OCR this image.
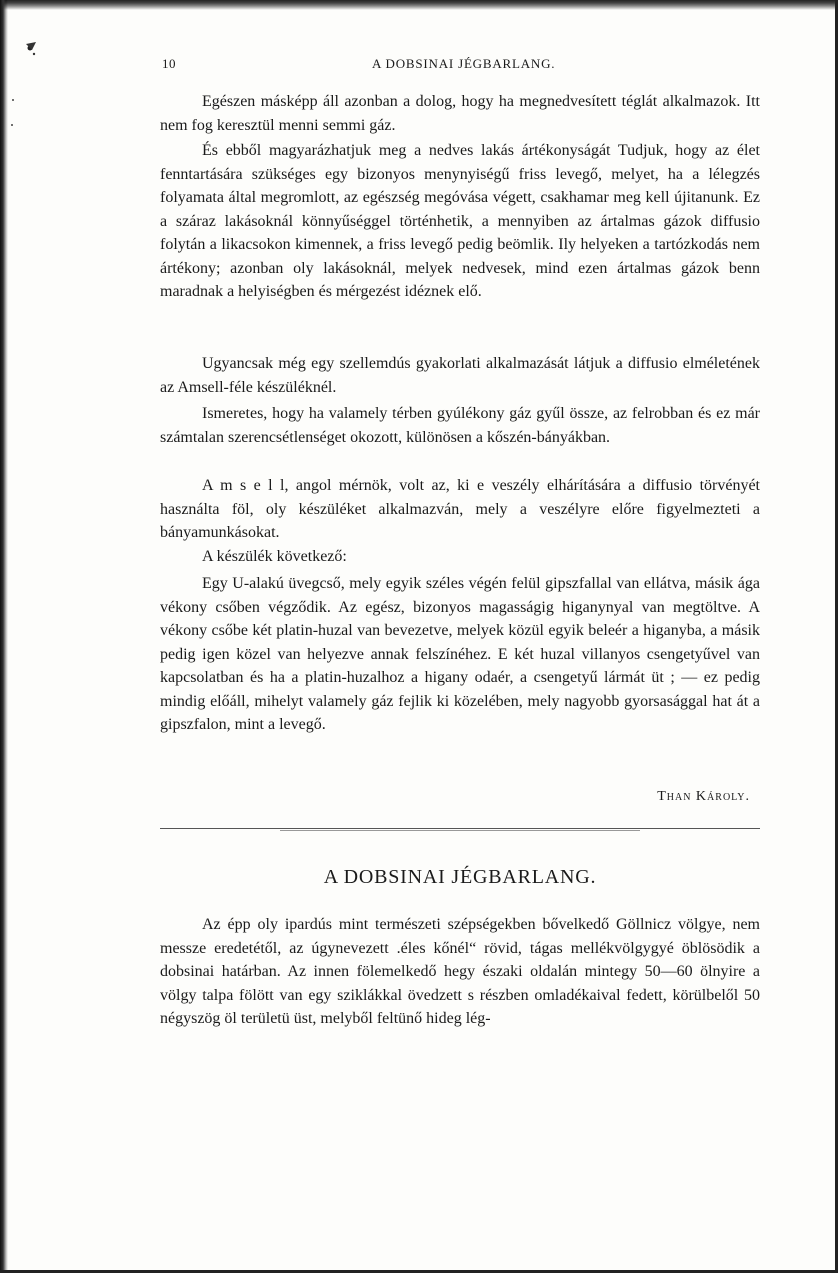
10	A DOBSINAI JÉGBARLANG.

Egészen másképp áll azonban a dolog, hogy ha megnedvesített téglát alkalmazok. Itt nem fog keresztül menni semmi gáz.

És ebből magyarázhatjuk meg a nedves lakás ártékonyságát Tudjuk, hogy az élet fenntartására szükséges egy bizonyos menynyiségű friss levegő, melyet, ha a lélegzés folyamata által megromlott, az egészség megóvása végett, csakhamar meg kell újitanunk. Ez a száraz lakásoknál könnyűséggel történhetik, a mennyiben az ártalmas gázok diffusio folytán a likacsokon kimennek, a friss levegő pedig beömlik. Ily helyeken a tartózkodás nem ártékony; azonban oly lakásoknál, melyek nedvesek, mind ezen ártalmas gázok benn maradnak a helyiségben és mérgezést idéznek elő.

Ugyancsak még egy szellemdús gyakorlati alkalmazását látjuk a diffusio elméletének az Amsell-féle készüléknél.

Ismeretes, hogy ha valamely térben gyúlékony gáz gyűl össze, az felrobban és ez már számtalan szerencsétlenséget okozott, különösen a kőszén-bányákban.

A m s e l l, angol mérnök, volt az, ki e veszély elhárítására a diffusio törvényét használta föl, oly készüléket alkalmazván, mely a veszélyre előre figyelmezteti a bányamunkásokat.

A készülék következő:

Egy U-alakú üvegcső, mely egyik széles végén felül gipszfallal van ellátva, másik ága vékony csőben végződik. Az egész, bizonyos magasságig higanynyal van megtöltve. A vékony csőbe két platin-huzal van bevezetve, melyek közül egyik beleér a higanyba, a másik pedig igen közel van helyezve annak felszínéhez. E két huzal villanyos csengetyűvel van kapcsolatban és ha a platin-huzalhoz a higany odaér, a csengetyű lármát üt ; — ez pedig mindig előáll, mihelyt valamely gáz fejlik ki közelében, mely nagyobb gyorsasággal hat át a gipszfalon, mint a levegő.

Than Károly.
A DOBSINAI JÉGBARLANG.

Az épp oly ipardús mint természeti szépségekben bővelkedő Göllnicz völgye, nem messze eredetétől, az úgynevezett .éles kőnél“ rövid, tágas mellékvölgygyé öblösödik a dobsinai határban. Az innen fölemelkedő hegy északi oldalán mintegy 50—60 ölnyire a völgy talpa fölött van egy sziklákkal övedzett s részben omladékaival fedett, körülbelől 50 négyszög öl területü üst, melyből feltünő hideg lég-
